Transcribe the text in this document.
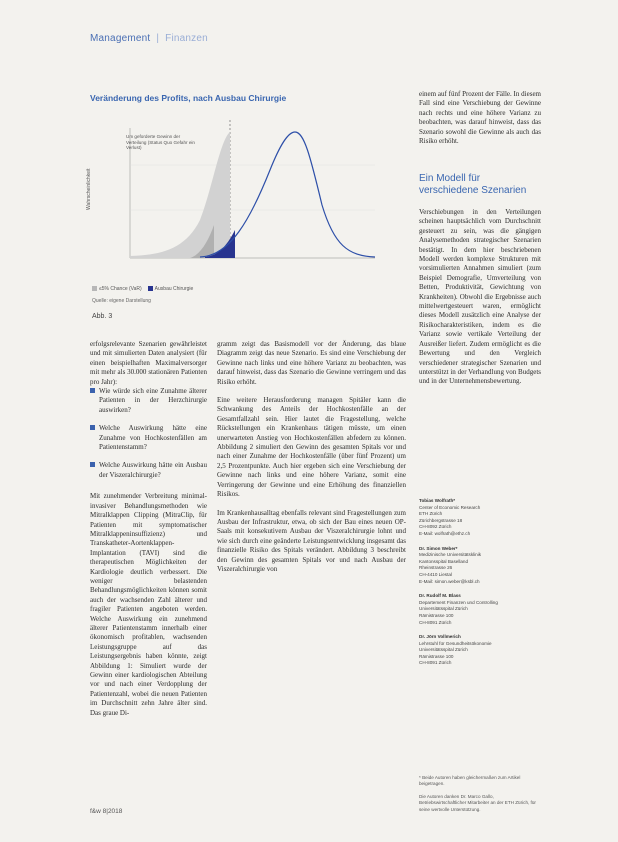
Management | Finanzen
Veränderung des Profits, nach Ausbau Chirurgie
Um geforderte Gewinn der Verteilung (Status Quo Gefahr ein Verlust)
Wahrscheinlichkeit
≤5% Chance (VaR)	Ausbau Chirurgie
Quelle: eigene Darstellung
Abb. 3

erfolgsrelevante Szenarien gewährleistet und mit simulierten Daten analysiert (für einen beispielhaften Maximalversorger mit mehr als 30.000 stationären Patienten pro Jahr):

Wie würde sich eine Zunahme älterer Patienten in der Herzchirurgie auswirken?

Welche Auswirkung hätte eine Zunahme von Hochkostenfällen am Patientenstamm?

Welche Auswirkung hätte ein Ausbau der Viszeralchirurgie?

Mit zunehmender Verbreitung minimal-invasiver Behandlungsmethoden wie Mitralklappen Clipping (MitraClip, für Patienten mit symptomatischer Mitralklappeninsuffizienz) und Transkatheter-Aortenklappen-Implantation (TAVI) sind die therapeutischen Möglichkeiten der Kardiologie deutlich verbessert. Die weniger belastenden Behandlungsmöglichkeiten können somit auch der wachsenden Zahl älterer und fragiler Patienten angeboten werden. Welche Auswirkung ein zunehmend älterer Patientenstamm innerhalb einer ökonomisch profitablen, wachsenden Leistungsgruppe auf das Leistungsergebnis haben könnte, zeigt Abbildung 1: Simuliert wurde der Gewinn einer kardiologischen Abteilung vor und nach einer Verdopplung der Patientenzahl, wobei die neuen Patienten im Durchschnitt zehn Jahre älter sind. Das graue Di-

gramm zeigt das Basismodell vor der Änderung, das blaue Diagramm zeigt das neue Szenario. Es sind eine Verschiebung der Gewinne nach links und eine höhere Varianz zu beobachten, was darauf hinweist, dass das Szenario die Gewinne verringern und das Risiko erhöht.

Eine weitere Herausforderung managen Spitäler kann die Schwankung des Anteils der Hochkostenfälle an der Gesamtfallzahl sein. Hier lautet die Fragestellung, welche Rückstellungen ein Krankenhaus tätigen müsste, um einen unerwarteten Anstieg von Hochkostenfällen abfedern zu können. Abbildung 2 simuliert den Gewinn des gesamten Spitals vor und nach einer Zunahme der Hochkostenfälle (über fünf Prozent) um 2,5 Prozentpunkte. Auch hier ergeben sich eine Verschiebung der Gewinne nach links und eine höhere Varianz, somit eine Verringerung der Gewinne und eine Erhöhung des finanziellen Risikos.

Im Krankenhausalltag ebenfalls relevant sind Fragestellungen zum Ausbau der Infrastruktur, etwa, ob sich der Bau eines neuen OP-Saals mit konsekutivem Ausbau der Viszeralchirurgie lohnt und wie sich durch eine geänderte Leistungsentwicklung insgesamt das finanzielle Risiko des Spitals verändert. Abbildung 3 beschreibt den Gewinn des gesamten Spitals vor und nach Ausbau der Viszeralchirurgie von

einem auf fünf Prozent der Fälle. In diesem Fall sind eine Verschiebung der Gewinne nach rechts und eine höhere Varianz zu beobachten, was darauf hinweist, dass das Szenario sowohl die Gewinne als auch das Risiko erhöht.

Ein Modell für verschiedene Szenarien

Verschiebungen in den Verteilungen scheinen hauptsächlich vom Durchschnitt gesteuert zu sein, was die gängigen Analysemethoden strategischer Szenarien bestätigt. In dem hier beschriebenen Modell werden komplexe Strukturen mit vorsimulierten Annahmen simuliert (zum Beispiel Demografie, Umverteilung von Betten, Produktivität, Gewichtung von Krankheiten). Obwohl die Ergebnisse auch mittelwertgesteuert waren, ermöglicht dieses Modell zusätzlich eine Analyse der Risikocharakteristiken, indem es die Varianz sowie vertikale Verteilung der Ausreißer liefert. Zudem ermöglicht es die Bewertung und den Vergleich verschiedener strategischer Szenarien und unterstützt in der Verhandlung von Budgets und in der Unternehmensbewertung.

Tobias Wolfrath*
Center of Economic Research
ETH Zürich
Zürichbergstrasse 18
CH-8092 Zürich
E-Mail: wolfrath@ethz.ch
Dr. Simon Weber*
Medizinische Universitätsklinik
Kantonsspital Baselland
Rheinstrasse 26
CH-4410 Liestal
E-Mail: simon.weber@ksbl.ch
Dr. Rudolf M. Blass
Departement Finanzen und Controlling
Universitätsspital Zürich
Rämistrasse 100
CH-8091 Zürich
Dr. Jörn Vollmerich
Lehrstuhl für Gesundheitsökonomie
Universitätsspital Zürich
Rämistrasse 100
CH-8091 Zürich

* Beide Autoren haben gleichermaßen zum Artikel beigetragen.

Die Autoren danken Dr. Marco Gallo, Betriebswirtschaftlicher Mitarbeiter an der ETH Zürich, für seine wertvolle Unterstützung.

f&w 8|2018
